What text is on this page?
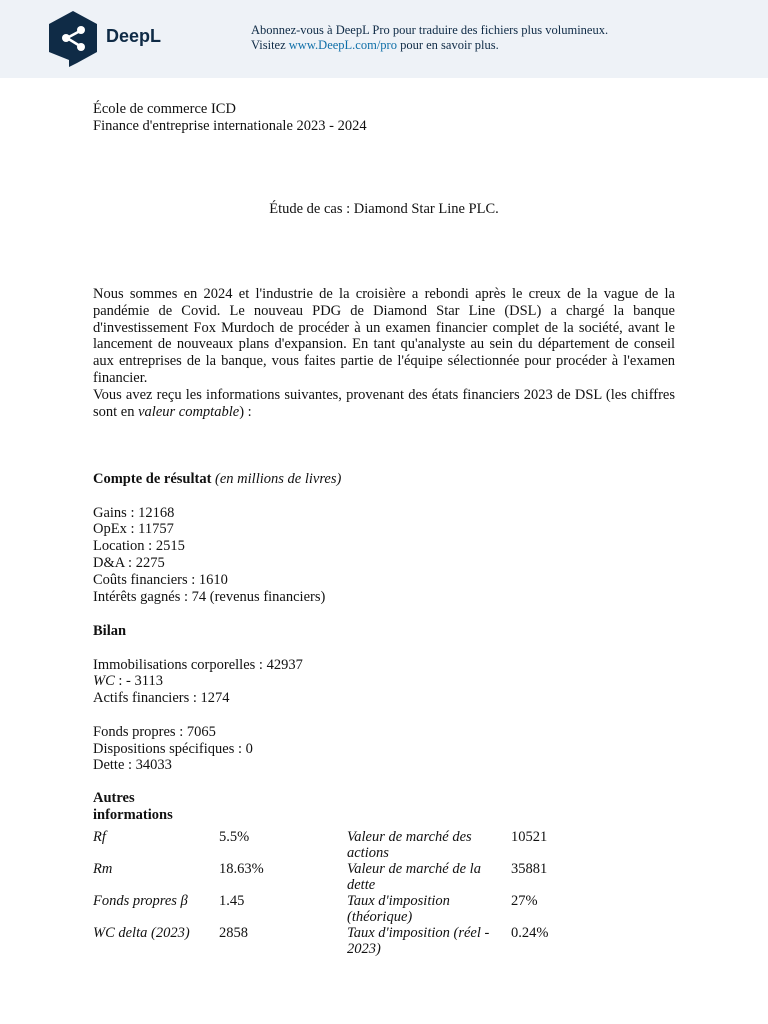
DeepL	Abonnez-vous à DeepL Pro pour traduire des fichiers plus volumineux.
Visitez www.DeepL.com/pro pour en savoir plus.
École de commerce ICD
Finance d'entreprise internationale 2023 - 2024
Étude de cas : Diamond Star Line PLC.

Nous sommes en 2024 et l'industrie de la croisière a rebondi après le creux de la vague de la pandémie de Covid. Le nouveau PDG de Diamond Star Line (DSL) a chargé la banque d'investissement Fox Murdoch de procéder à un examen financier complet de la société, avant le lancement de nouveaux plans d'expansion. En tant qu'analyste au sein du département de conseil aux entreprises de la banque, vous faites partie de l'équipe sélectionnée pour procéder à l'examen financier.

Vous avez reçu les informations suivantes, provenant des états financiers 2023 de DSL (les chiffres sont en valeur comptable) :

Compte de résultat (en millions de livres)
Gains : 12168
OpEx : 11757
Location : 2515
D&A : 2275
Coûts financiers : 1610
Intérêts gagnés : 74 (revenus financiers)
Bilan
Immobilisations corporelles : 42937
WC : - 3113
Actifs financiers : 1274
Fonds propres : 7065
Dispositions spécifiques : 0
Dette : 34033
Autres informations
Rf	5.5%	Valeur de marché des actions	10521
Rm	18.63%	Valeur de marché de la dette	35881
Fonds propres β	1.45	Taux d'imposition (théorique)	27%
WC delta (2023)	2858	Taux d'imposition (réel - 2023)	0.24%
